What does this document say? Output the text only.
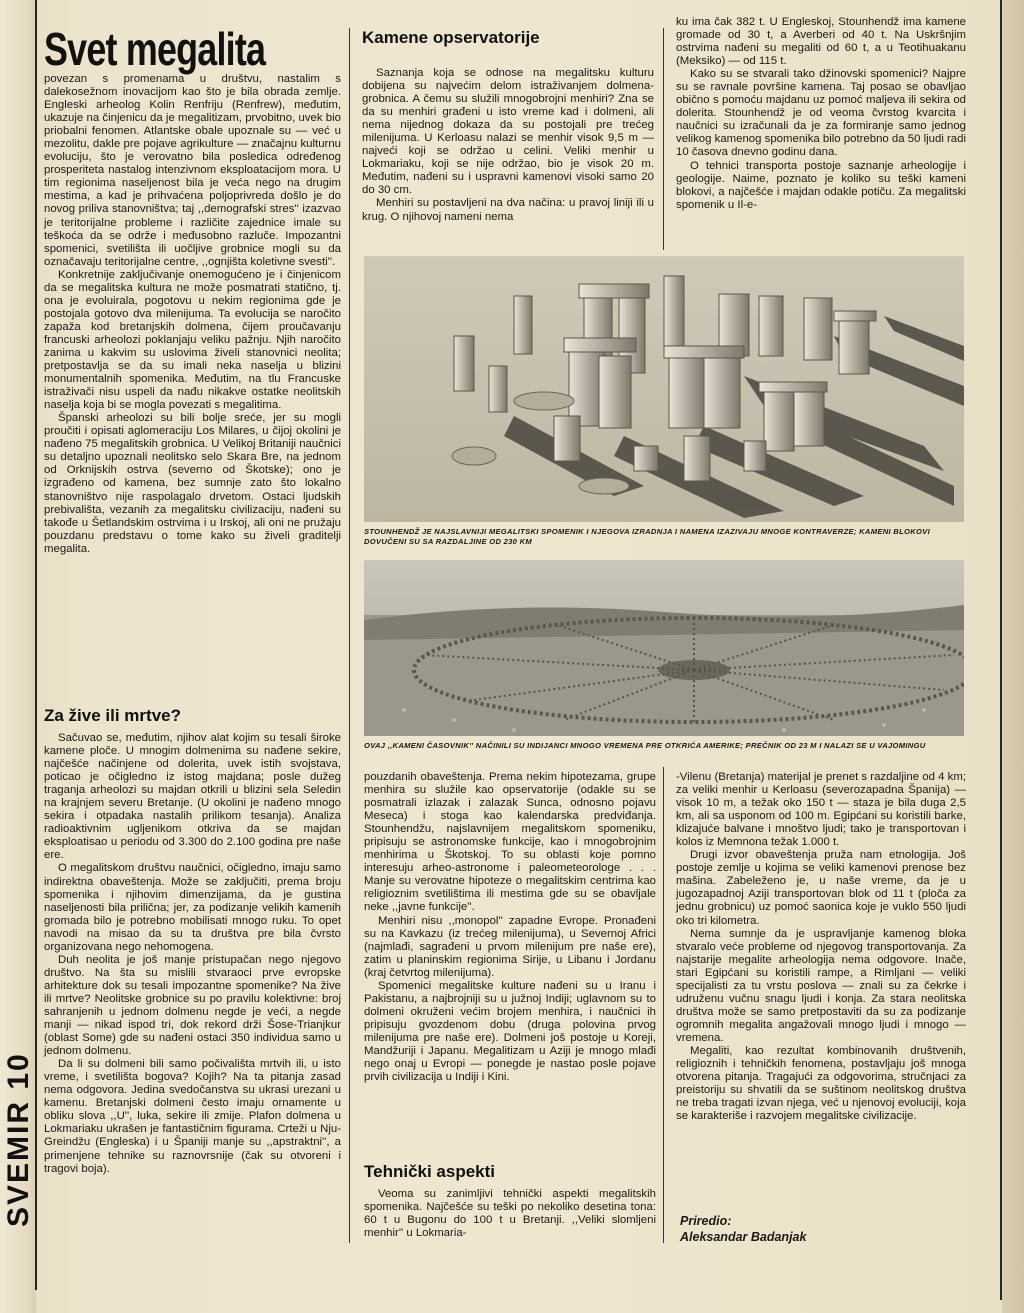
SVEMIR 10
Svet megalita

povezan s promenama u društvu, nastalim s dalekosežnom inovacijom kao što je bila obrada zemlje. Engleski arheolog Kolin Renfriju (Renfrew), međutim, ukazuje na činjenicu da je megalitizam, prvobitno, uvek bio priobalni fenomen. Atlantske obale upoznale su — već u mezolitu, dakle pre pojave agrikulture — značajnu kulturnu evoluciju, što je verovatno bila posledica određenog prosperiteta nastalog intenzivnom eksploatacijom mora. U tim regionima naseljenost bila je veća nego na drugim mestima, a kad je prihvaćena poljoprivreda došlo je do novog priliva stanovništva; taj ,,demografski stres'' izazvao je teritorijalne probleme i različite zajednice imale su teškoća da se održe i međusobno razluče. Impozantni spomenici, svetilišta ili uočljive grobnice mogli su da označavaju teritorijalne centre, ,,ognjišta koletivne svesti''.

Konkretnije zaključivanje onemogućeno je i činjenicom da se megalitska kultura ne može posmatrati statično, tj. ona je evoluirala, pogotovu u nekim regionima gde je postojala gotovo dva milenijuma. Ta evolucija se naročito zapaža kod bretanjskih dolmena, čijem proučavanju francuski arheolozi poklanjaju veliku pažnju. Njih naročito zanima u kakvim su uslovima živeli stanovnici neolita; pretpostavlja se da su imali neka naselja u blizini monumentalnih spomenika. Međutim, na tlu Francuske istraživači nisu uspeli da nađu nikakve ostatke neolitskih naselja koja bi se mogla povezati s megalitima.

Španski arheolozi su bili bolje sreće, jer su mogli proučiti i opisati aglomeraciju Los Milares, u čijoj okolini je nađeno 75 megalitskih grobnica. U Velikoj Britaniji naučnici su detaljno upoznali neolitsko selo Skara Bre, na jednom od Orknijskih ostrva (severno od Škotske); ono je izgrađeno od kamena, bez sumnje zato što lokalno stanovništvo nije raspolagalo drvetom. Ostaci ljudskih prebivališta, vezanih za megalitsku civilizaciju, nađeni su takođe u Šetlandskim ostrvima i u Irskoj, ali oni ne pružaju pouzdanu predstavu o tome kako su živeli graditelji megalita.

Za žive ili mrtve?

Sačuvao se, međutim, njihov alat kojim su tesali široke kamene ploče. U mnogim dolmenima su nađene sekire, najčešće načinjene od dolerita, uvek istih svojstava, poticao je očigledno iz istog majdana; posle dužeg traganja arheolozi su majdan otkrili u blizini sela Seledin na krajnjem severu Bretanje. (U okolini je nađeno mnogo sekira i otpadaka nastalih prilikom tesanja). Analiza radioaktivnim ugljenikom otkriva da se majdan eksploatisao u periodu od 3.300 do 2.100 godina pre naše ere.

O megalitskom društvu naučnici, očigledno, imaju samo indirektna obaveštenja. Može se zaključiti, prema broju spomenika i njihovim dimenzijama, da je gustina naseljenosti bila prilična; jer, za podizanje velikih kamenih gromada bilo je potrebno mobilisati mnogo ruku. To opet navodi na misao da su ta društva pre bila čvrsto organizovana nego nehomogena.

Duh neolita je još manje pristupačan nego njegovo društvo. Na šta su mislili stvaraoci prve evropske arhitekture dok su tesali impozantne spomenike? Na žive ili mrtve? Neolitske grobnice su po pravilu kolektivne: broj sahranjenih u jednom dolmenu negde je veći, a negde manji — nikad ispod tri, dok rekord drži Šose-Trianjkur (oblast Some) gde su nađeni ostaci 350 individua samo u jednom dolmenu.

Da li su dolmeni bili samo počivališta mrtvih ili, u isto vreme, i svetilišta bogova? Kojih? Na ta pitanja zasad nema odgovora. Jedina svedočanstva su ukrasi urezani u kamenu. Bretanjski dolmeni često imaju ornamente u obliku slova ,,U'', luka, sekire ili zmije. Plafon dolmena u Lokmariaku ukrašen je fantastičnim figurama. Crteži u Nju-Greindžu (Engleska) i u Španiji manje su ,,apstraktni'', a primenjene tehnike su raznovrsnije (čak su otvoreni i tragovi boja).

Kamene opservatorije

Saznanja koja se odnose na megalitsku kulturu dobijena su najvećim delom istraživanjem dolmena-grobnica. A čemu su služili mnogobrojni menhiri? Zna se da su menhiri građeni u isto vreme kad i dolmeni, ali nema nijednog dokaza da su postojali pre trećeg milenijuma. U Kerloasu nalazi se menhir visok 9,5 m — najveći koji se održao u celini. Veliki menhir u Lokmariaku, koji se nije održao, bio je visok 20 m. Međutim, nađeni su i uspravni kamenovi visoki samo 20 do 30 cm.

Menhiri su postavljeni na dva načina: u pravoj liniji ili u krug. O njihovoj nameni nema

ku ima čak 382 t. U Engleskoj, Stounhendž ima kamene gromade od 30 t, a Averberi od 40 t. Na Uskršnjim ostrvima nađeni su megaliti od 60 t, a u Teotihuakanu (Meksiko) — od 115 t.

Kako su se stvarali tako džinovski spomenici? Najpre su se ravnale površine kamena. Taj posao se obavljao obično s pomoću majdanu uz pomoć maljeva ili sekira od dolerita. Stounhendž je od veoma čvrstog kvarcita i naučnici su izračunali da je za formiranje samo jednog velikog kamenog spomenika bilo potrebno da 50 ljudi radi 10 časova dnevno godinu dana.

O tehnici transporta postoje saznanje arheologije i geologije. Naime, poznato je koliko su teški kameni blokovi, a najčešće i majdan odakle potiču. Za megalitski spomenik u Il-e-

STOUNHENDŽ JE NAJSLAVNIJI MEGALITSKI SPOMENIK I NJEGOVA IZRADNJA I NAMENA IZAZIVAJU MNOGE KONTRAVERZE; KAMENI BLOKOVI DOVUČENI SU SA RAZDALJINE OD 230 KM
OVAJ ,,KAMENI ČASOVNIK'' NAČINILI SU INDIJANCI MNOGO VREMENA PRE OTKRIĆA AMERIKE; PREČNIK OD 23 M I NALAZI SE U VAJOMINGU

pouzdanih obaveštenja. Prema nekim hipotezama, grupe menhira su služile kao opservatorije (odakle su se posmatrali izlazak i zalazak Sunca, odnosno pojavu Meseca) i stoga kao kalendarska predviđanja. Stounhendžu, najslavnijem megalitskom spomeniku, pripisuju se astronomske funkcije, kao i mnogobrojnim menhirima u Škotskoj. To su oblasti koje pomno interesuju arheo-astronome i paleometeorologe . . . Manje su verovatne hipoteze o megalitskim centrima kao religioznim svetilištima ili mestima gde su se obavljale neke ,,javne funkcije''.

Menhiri nisu ,,monopol'' zapadne Evrope. Pronađeni su na Kavkazu (iz trećeg milenijuma), u Severnoj Africi (najmlađi, sagrađeni u prvom milenijum pre naše ere), zatim u planinskim regionima Sirije, u Libanu i Jordanu (kraj četvrtog milenijuma).

Spomenici megalitske kulture nađeni su u Iranu i Pakistanu, a najbrojniji su u južnoj Indiji; uglavnom su to dolmeni okruženi većim brojem menhira, i naučnici ih pripisuju gvozdenom dobu (druga polovina prvog milenijuma pre naše ere). Dolmeni još postoje u Koreji, Mandžuriji i Japanu. Megalitizam u Aziji je mnogo mlađi nego onaj u Evropi — ponegde je nastao posle pojave prvih civilizacija u Indiji i Kini.

Tehnički aspekti

Veoma su zanimljivi tehnički aspekti megalitskih spomenika. Najčešće su teški po nekoliko desetina tona: 60 t u Bugonu do 100 t u Bretanji. ,,Veliki slomljeni menhir'' u Lokmaria-

-Vilenu (Bretanja) materijal je prenet s razdaljine od 4 km; za veliki menhir u Kerloasu (severozapadna Španija) — visok 10 m, a težak oko 150 t — staza je bila duga 2,5 km, ali sa usponom od 100 m. Egipćani su koristili barke, klizajuće balvane i mnoštvo ljudi; tako je transportovan i kolos iz Memnona težak 1.000 t.

Drugi izvor obaveštenja pruža nam etnologija. Još postoje zemlje u kojima se veliki kamenovi prenose bez mašina. Zabeleženo je, u naše vreme, da je u jugozapadnoj Aziji transportovan blok od 11 t (ploča za jednu grobnicu) uz pomoć saonica koje je vuklo 550 ljudi oko tri kilometra.

Nema sumnje da je usprаvljanje kamenog bloka stvaralo veće probleme od njegovog transportovanja. Za najstarije megalite arheologija nema odgovore. Inače, stari Egipćani su koristili rampe, a Rimljani — veliki specijalisti za tu vrstu poslova — znali su za čekrke i udruženu vučnu snagu ljudi i konja. Za stara neolitska društva može se samo pretpostaviti da su za podizanje ogromnih megalita angažovali mnogo ljudi i mnogo — vremena.

Megaliti, kao rezultat kombinovanih društvenih, religioznih i tehničkih fenomena, postavljaju još mnoga otvorena pitanja. Tragajući za odgovorima, stručnjaci za preistoriju su shvatili da se suštinom neolitskog društva ne treba tragati izvan njega, već u njenovoj evoluciji, koja se karakteriše i razvojem megalitske civilizacije.

Priredio:
Aleksandar Badanjak
